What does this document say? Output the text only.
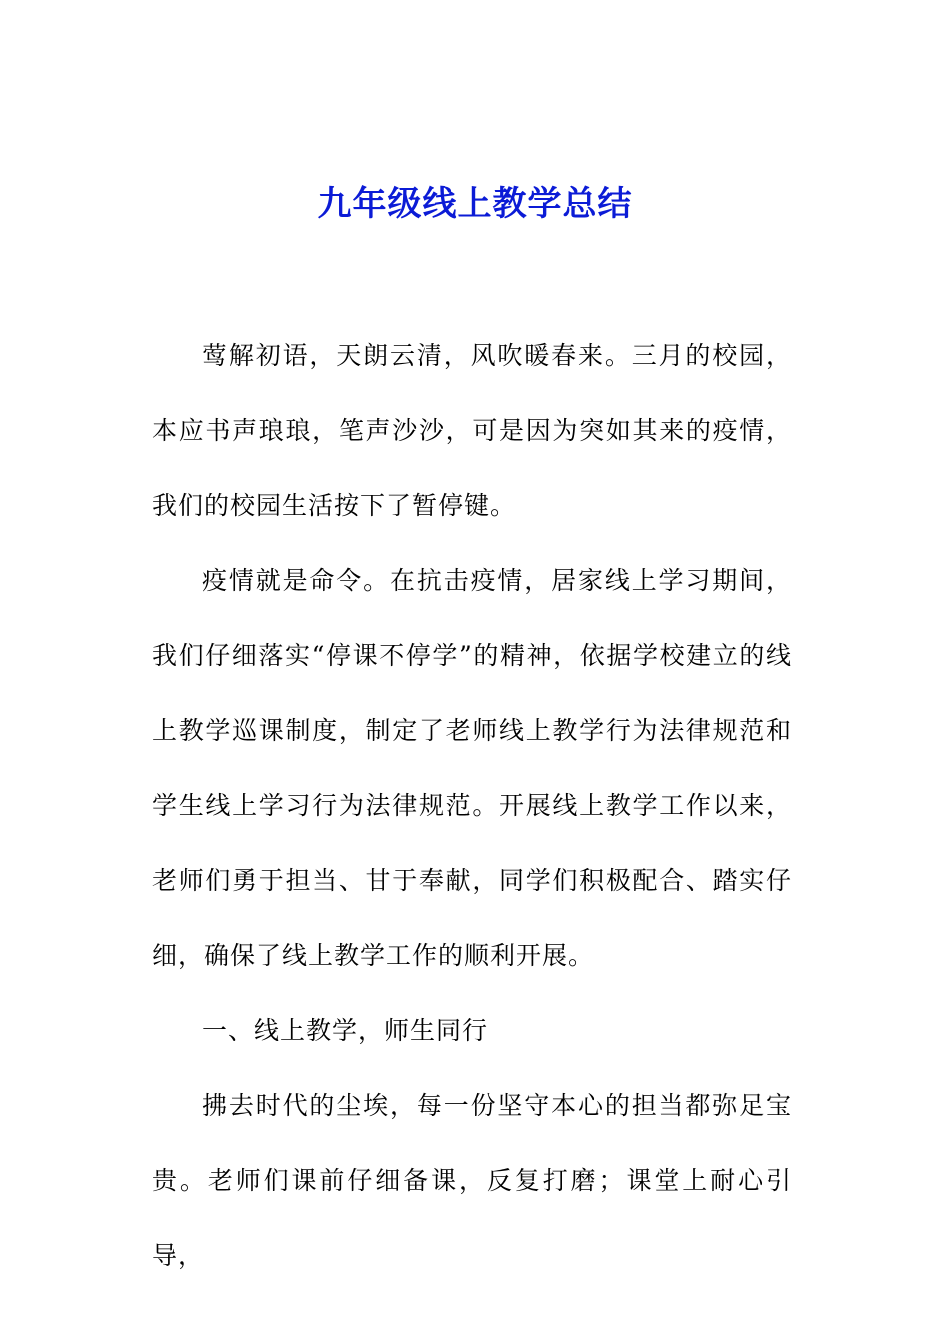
九年级线上教学总结

莺解初语，天朗云清，风吹暖春来。三月的校园，本应书声琅琅，笔声沙沙，可是因为突如其来的疫情，我们的校园生活按下了暂停键。

疫情就是命令。在抗击疫情，居家线上学习期间，我们仔细落实“停课不停学”的精神，依据学校建立的线上教学巡课制度，制定了老师线上教学行为法律规范和学生线上学习行为法律规范。开展线上教学工作以来，老师们勇于担当、甘于奉献，同学们积极配合、踏实仔细，确保了线上教学工作的顺利开展。

一、线上教学，师生同行

拂去时代的尘埃，每一份坚守本心的担当都弥足宝贵。老师们课前仔细备课，反复打磨；课堂上耐心引导，
